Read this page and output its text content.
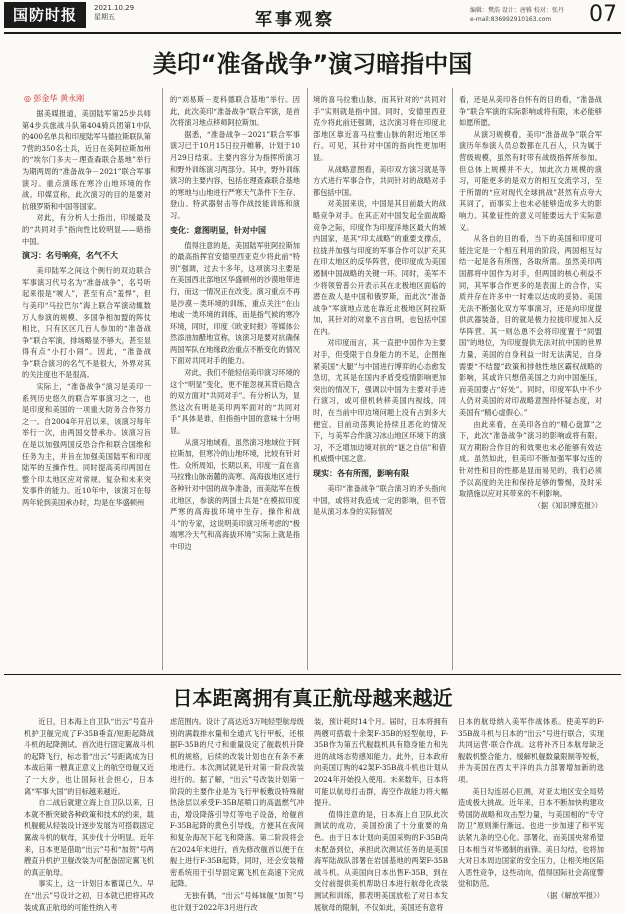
国防时报	2021.10.29
星期五	军事观察	编辑：樊浩 设计：唐雅 校对：张丹
e-mail:836992910163.com	07
美印“准备战争”演习暗指中国
◎ 彭金华 黄永刚

据美媒报道，美国陆军第25步兵师第4步兵旅战斗队第404骑兵团第1中队的400名单兵和印度陆军马德拉斯联队第7营的350名士兵，近日在美阿拉斯加州的“埃尔门多夫－理查森联合基地”举行为期两周的“准备战争－2021”联合军事演习。重点演练在寒冷山地环境的作战。印媒宣称，此次演习的目的是要对抗俄罗斯和中国等国家。

对此，有分析人士指出，印缓最及的“共同对手”指向性比较明显——暗指中国。

演习：名号响亮，名气不大

美印陆军之间这个例行的双边联合军事演习代号名为“准备战争”，名号听起来很是“唬人”，甚至有点“羞悍”，但与美印“马拉巴尔”海上联合军演动辄数万人参演的规模、多国争相加盟的阵仗相比，只有区区几百人参加的“准备战争”联合军演，排场略显不够大，甚至显得有点“小打小闹”。因此，“准备战争”联合演习的名气不是很大，外界对其的关注度也不是很高。

实际上，“准备战争”演习是美印一系列历史悠久的联合军事演习之一，也是印度和美国的一项重大防务合作努力之一。自2004年开启以来，该演习每年举行一次，由两国交替承办。该演习旨在是以加强两国反恐合作和联合国维和任务为主，并旨在加强美国陆军和印度陆军的互操作性。同时提高美印两国在整个印太地区应对常规、复杂和未来突发事件的能力。近10年中，该演习在每两年轮到美国承办时，均是在华盛顿州

的“刘易斯－麦科德联合基地”举行。因此，此次美印“准备战争”联合军演，是首次将演习地点移师阿拉斯加。

据悉，“准备战争－2021”联合军事演习已于10月15日拉开帷幕，计划于10月29日结束。主要内容分为指挥所演习和野外训练演习两部分。其中，野外训练演习的主要内容，包括在理查森联合基地的寒地与山地进行严寒天气条件下生存、登山、特武器射击等作战技能训练和演习。

变化：意图明显，针对中国

值得注意的是，美国陆军驻阿拉斯加的最高指挥官安德里西亚克少将此前“特别”强调，过去十多年，这项演习主要是在美国西北部地区华盛顿州的沙漠地带进行，而这一情况正在改变。演习重点不再是沙漠－类环境的训练，重点关注“在山地或一类环境的训练，而是指气候的寒冷环境，同时，印度《欧亚时报》等媒体公然添油加醋地宣称，该演习是要对抗确保两国军队在地缘政治重点不断变化的情况下面对共同对手的能力。

对此，我们不能轻信美印演习环境的这个“明显”变化，更不能忽视其背后隐含的双方面对“共同对手”。有分析认为，显然这次有明是美印两军面对的“共同对手”具体是谁，但指指中国的意味十分明显。

从演习地域看，虽然演习地域位于阿拉斯加，但寒冷的山地环境，比较有针对性。众所周知，长期以来，印度一直在喜马拉雅山脉南麓的高寒、高海拔地区进行各种针对中国的战争准备，而美陆军在极北地区，参演的两国士兵是“在模拟印度严寒的高海拔环境中生存、操作和战斗”的专家，这说明美印演习所考虑的“极端寒冷天气和高海拔环境”实际上就是指中印边

境的喜马拉雅山脉，而其针对的“共同对手”实则就是指中国。同时，安德里西亚克少将此前还强调，这次演习将在印度北部地区靠近喜马拉雅山脉的附近地区举行。可见，其针对中国的指向性更加明显。

从战略意图看，美印双方演习就是等方式进行军事合作，共同针对的战略对手都包括中国。

对美国来说，中国是其目前最大的战略竞争对手。在其正对中国发起全面战略竞争之际，印度作为印度洋地区最大的域内国家，是其“印太战略”的重要支撑点，拉拢并加强与印度的军事合作可以扩充其在印太地区的反华阵营，使印度成为美国遏制中国战略的关键一环。同时，美军不少将领曾普公开表示其在北极地区面临的潜在敌人是中国和俄罗斯，而此次“准备战争”军演地点选在靠近北极地区阿拉斯加，其针对的对象不言自明，也包括中国在内。

对印度而言，其一直把中国作为主要对手，但受限于自身能力的不足，企图拖紧美国“大腿”与中国进行博弈的心态愈发急切，尤其是在国内矛盾受疫情影响更加突出的情况下，强调以中国为主要对手进行演习，或可借机转移美国内视线，同时，在当前中印边境问题上没有占到多大便宜、目前动荡舆论持续且恶化的情况下，与美军合作演习冰山地区环境下的演习，不乏增加边境对抗的“谜之自信”和借机威慑中国之意。

现实：各有所图，影响有限

美印“准备战争”联合演习的矛头指向中国，或将对我造成一定的影响，但不管是从演习本身的实际情况

看，还是从美印各自怀有的目的看，“准备战争”联合军演的实际影响或将有限，未必能够如愿所愿。

从演习规模看，美印“准备战争”联合军演历年参演人员总数都在几百人，只为属于营级规模，虽然有时带有战级指挥所参加。但总体上规模并不大，加此次力规模的演习，可能更多的是双方的相互交流学习，至于所谓的“应对现代全球挑战”甚然有点夸大其词了，而事实上也未必能够造成多大的影响力。其象征性的意义可能要远大于实际意义。

从各自的目的看，当下的美国和印度可能注定是一个相互利用的阶段，两国相互勾结一起是各有所图，各取所需。虽然美印两国都将中国作为对手，但两国的核心利益不同，其军事合作更多的是表面上的合作，实质并存在许多中一时难以达成的妥协。美国无法不断强化双方军事演习，还是向印度提供武器装备，目的就是极力拉拢印度加入反华阵营。其一则怂恿不会将印度置于“同盟国”的地位，为印度提供无法对抗中国的世界力量，美国的自身利益一时无法满足，自身需要“不结盟”政策和排他性地区霸权战略的影响，其或许只想借美国之力向中国施压，而美国要占“好处”。同时，印度军队中不少人仍对美国的对印战略意图持怀疑态度，对美国有“精心虚假心。”

由此来看，在美印各自的“精心盘算”之下，此次“准备战争”演习的影响或将有限。双方期盼合作目的和效果也未必能够有效达成。虽然如此，但美印不断加强军事勾连的针对性和目的性都是显而易见的，我们必须予以高度的关注和保持足够的警惕，及时采取措施以应对其带来的不利影响。

（据《知识博览报》）

日本距离拥有真正航母越来越近

近日，日本海上自卫队“出云”号直升机护卫舰完成了F-35B垂直/短距起降战斗机的起降测试。首次进行固定翼战斗机的起降飞行，标志着“出云”号距离成为日本战后第一艘真正意义上的航空母舰又近了一大步，也让国际社会担心，日本离“军事大国”的目标越来越近。

自二战后就建立海上自卫队以来，日本就不断突破各种政策和技术的约束，载机舰艇从轻装设计逐步发展为可搭载固定翼战斗机的航母，其步伐十分明显。近年来，日本更是借助“出云”号和“加贺”号两艘直升机护卫舰改装为可配备固定翼飞机的真正航母。

事实上，这一计划日本蓄谋已久。早在“出云”号设计之初，日本就已把将其改装成真正航母的可能性纳入考

虑范围内。设计了高达近3万吨轻型航母级别的满载排水量和全通式飞行甲板，还根据F-35B的尺寸和重量设定了舰载机升降机的规格，后续的改装计划也在有条不紊地进行。本次测试就是针对第一阶段改装进行的。据了解，“出云”号改装计划第一阶段的主要作业是为飞行甲板敷设特殊耐热涂层以承受F-35B尾喷口的高温燃气冲击，增设降落引导灯等电子设备，给舰首F-35B起降的黄色引导线，方便其在夜间和复杂海况下起飞和降落。第二阶段将会在2024年末进行，首先修改舰首以便于在舰上进行F-35B起降，同时，还会安装精密系统用于引导固定翼飞机在高速下完成起降。

无独有偶，“出云”号姊妹舰“加贺”号也计划于2022年3月进行改

装，预计耗时14个月。届时，日本将拥有两艘可搭载十余架F-35B的轻型航母，F-35B作为第五代舰载机具有隐身能力和先进的战场态势感知能力。此外，日本政府向美国订购的42架F-35B战斗机也计划从2024年开始投入使用。未来数年，日本将可能以航母打击群，海空作战能力将大幅提升。

值得注意的是，日本海上自卫队此次测试的成功，美国扮演了十分重要的角色。由于日本计划向美国采购的F-35B尚未配备到位，承担此次测试任务的是美国海军陆战队部署在岩国基地的两架F-35B战斗机。从美国向日本出售F-35B，到在交付前提供美机帮助日本进行航母化改装测试和训练，都表明美国放松了对日本发展航母的限制，不仅如此，美国还有意将

日本的航母纳入美军作战体系。使美军的F-35B战斗机与日本的“出云”号进行联合，实现共同运营·联合作战。这将补齐日本航母缺乏舰载机整合能力、缓解机舰数量限制等短板，并为美国在西太平洋的兵力部署增加新的选项。

美日勾连居心叵测，对亚太地区安全局势造成极大挑战。近年来，日本不断加快构建攻势国防战略和攻击型力量，与美国相的“专守防卫”原则渐行渐远。也进一步加速了和平宪法紧九条的空心化。部署化，而美国央常希望日本相当对华遏制的前锋。美日勾结，也将加大对日本周边国家的安全压力，让相关地区陷入恶性竞争，这些动向，值得国际社会高度警觉和防范。

（据《解放军报》）
